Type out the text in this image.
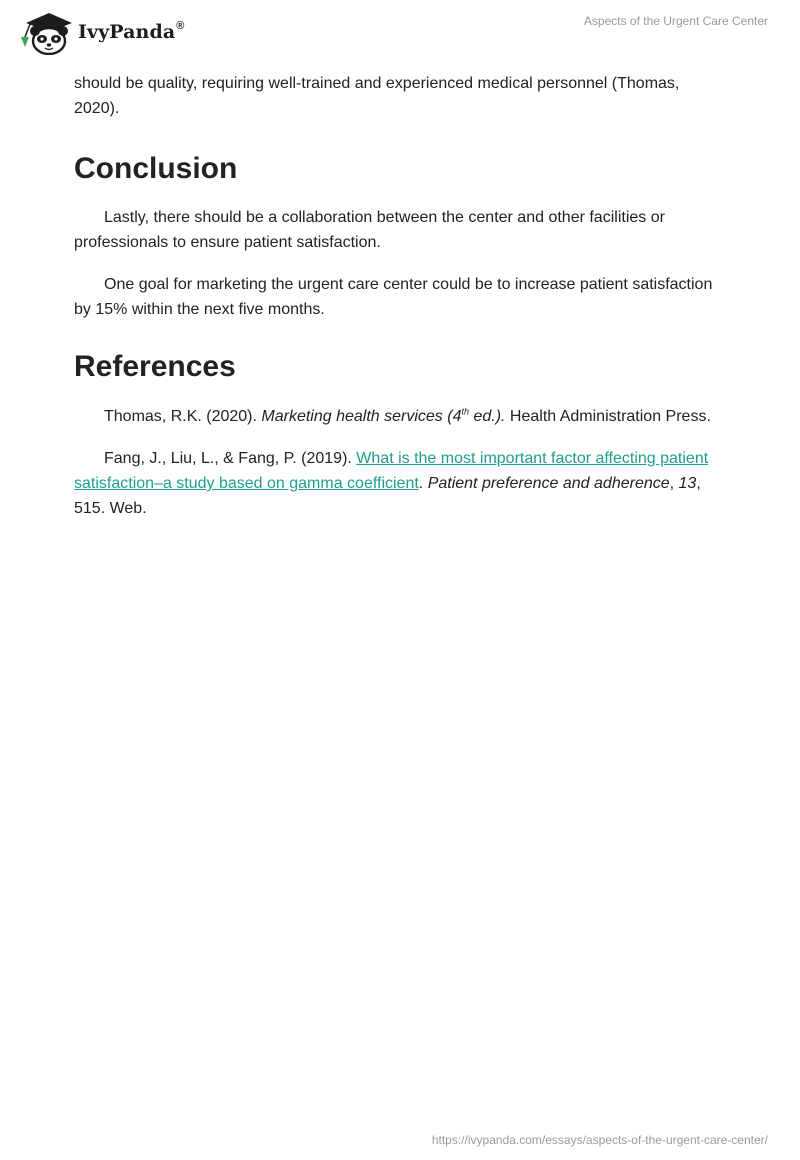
IvyPanda®	Aspects of the Urgent Care Center

should be quality, requiring well-trained and experienced medical personnel (Thomas, 2020).

Conclusion

Lastly, there should be a collaboration between the center and other facilities or professionals to ensure patient satisfaction.

One goal for marketing the urgent care center could be to increase patient satisfaction by 15% within the next five months.

References

Thomas, R.K. (2020). Marketing health services (4th ed.). Health Administration Press.

Fang, J., Liu, L., & Fang, P. (2019). What is the most important factor affecting patient satisfaction–a study based on gamma coefficient. Patient preference and adherence, 13, 515. Web.

https://ivypanda.com/essays/aspects-of-the-urgent-care-center/
